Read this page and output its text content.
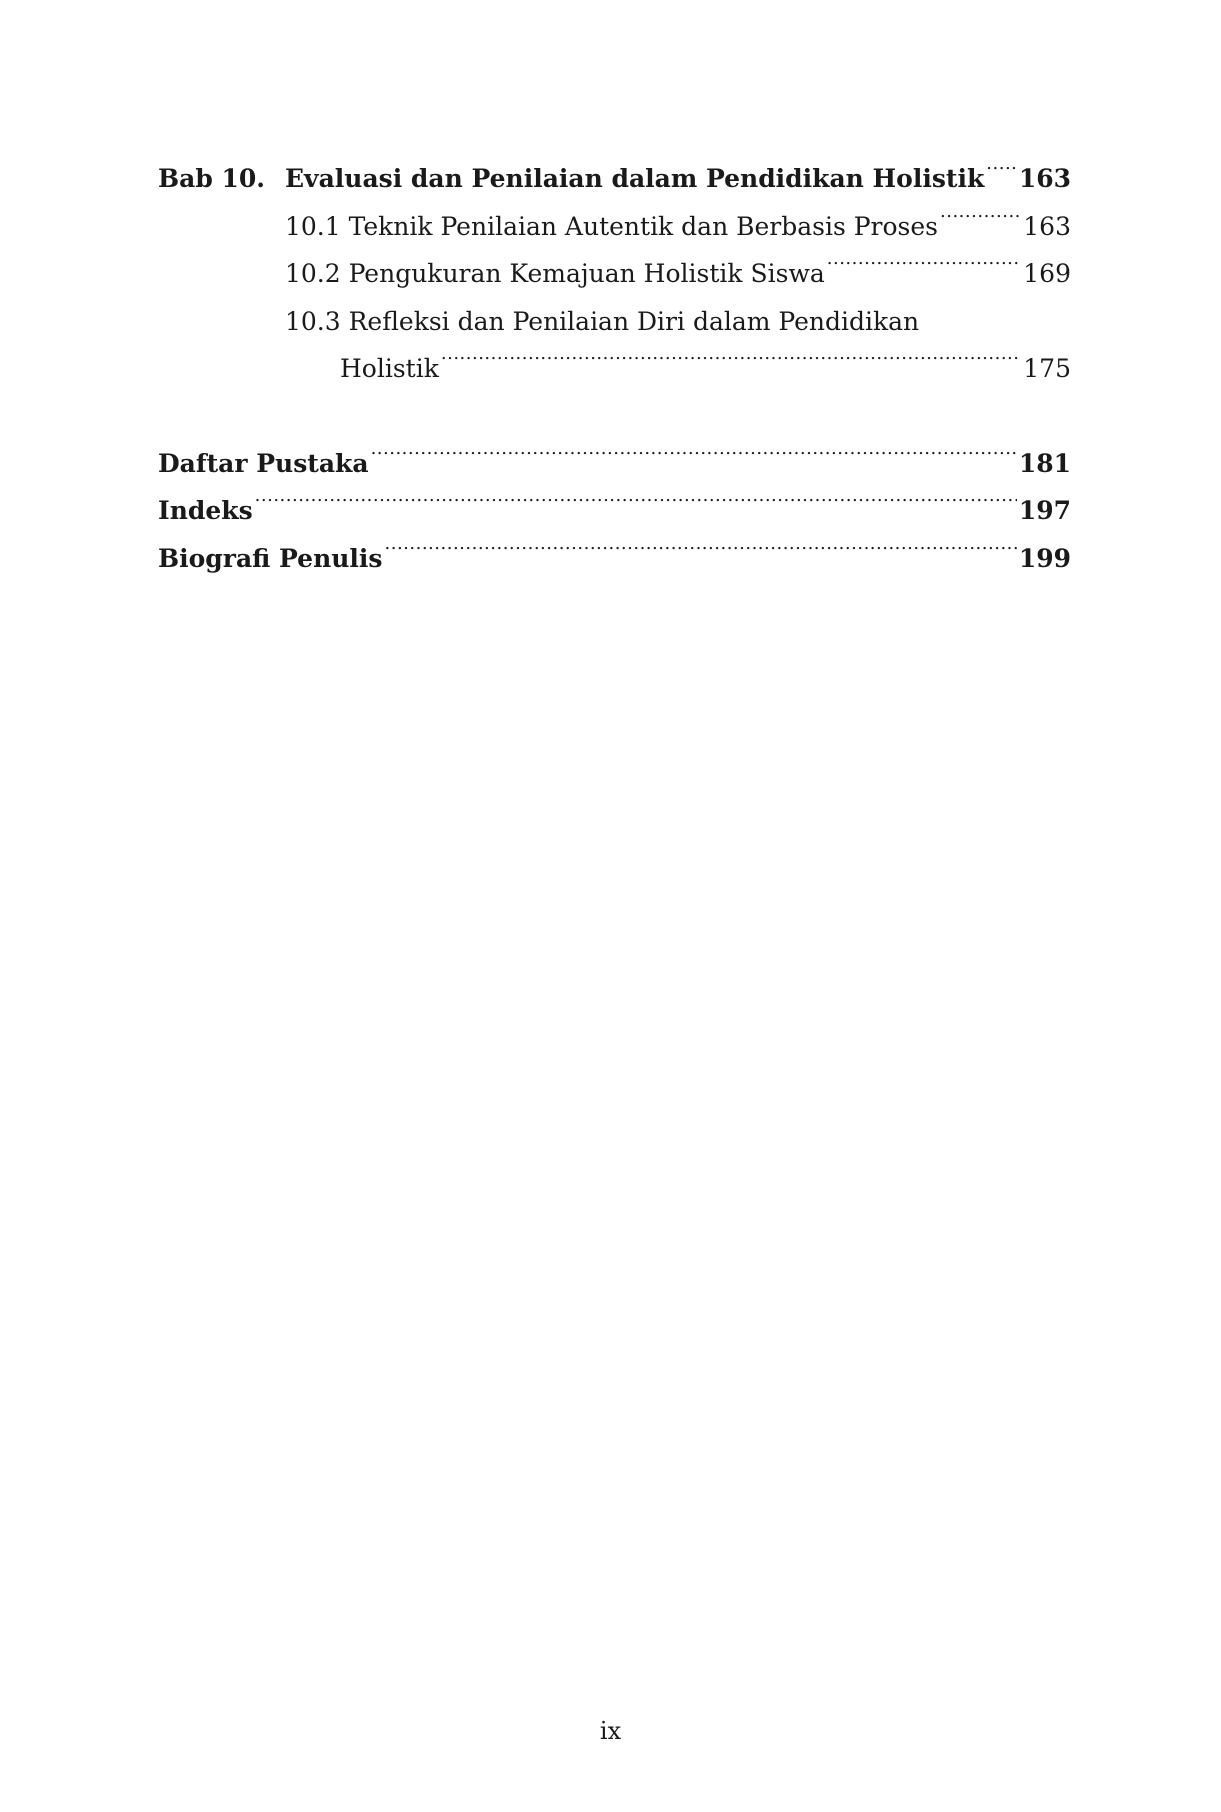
Bab 10. Evaluasi dan Penilaian dalam Pendidikan Holistik ..... 163
10.1 Teknik Penilaian Autentik dan Berbasis Proses .....	163
10.2 Pengukuran Kemajuan Holistik Siswa .....	169
10.3 Refleksi dan Penilaian Diri dalam Pendidikan
Holistik .....	175
Daftar Pustaka .....	181
Indeks .....	197
Biografi Penulis .....	199
ix
